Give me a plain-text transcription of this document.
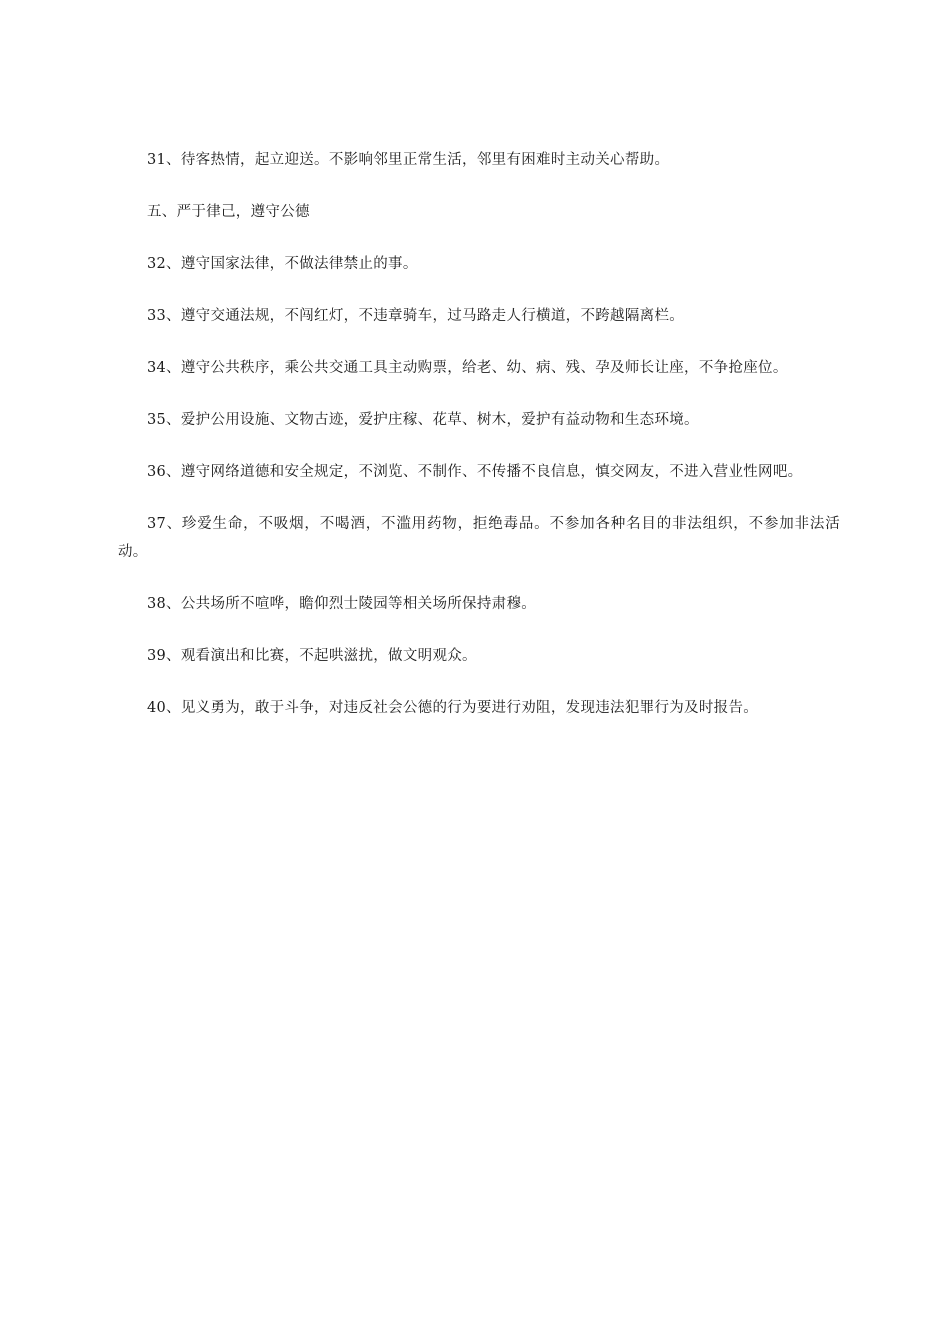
31、待客热情，起立迎送。不影响邻里正常生活，邻里有困难时主动关心帮助。

五、严于律己，遵守公德

32、遵守国家法律，不做法律禁止的事。

33、遵守交通法规，不闯红灯，不违章骑车，过马路走人行横道，不跨越隔离栏。

34、遵守公共秩序，乘公共交通工具主动购票，给老、幼、病、残、孕及师长让座，不争抢座位。

35、爱护公用设施、文物古迹，爱护庄稼、花草、树木，爱护有益动物和生态环境。

36、遵守网络道德和安全规定，不浏览、不制作、不传播不良信息，慎交网友，不进入营业性网吧。

37、珍爱生命，不吸烟，不喝酒，不滥用药物，拒绝毒品。不参加各种名目的非法组织，不参加非法活动。

38、公共场所不喧哗，瞻仰烈士陵园等相关场所保持肃穆。

39、观看演出和比赛，不起哄滋扰，做文明观众。

40、见义勇为，敢于斗争，对违反社会公德的行为要进行劝阻，发现违法犯罪行为及时报告。
